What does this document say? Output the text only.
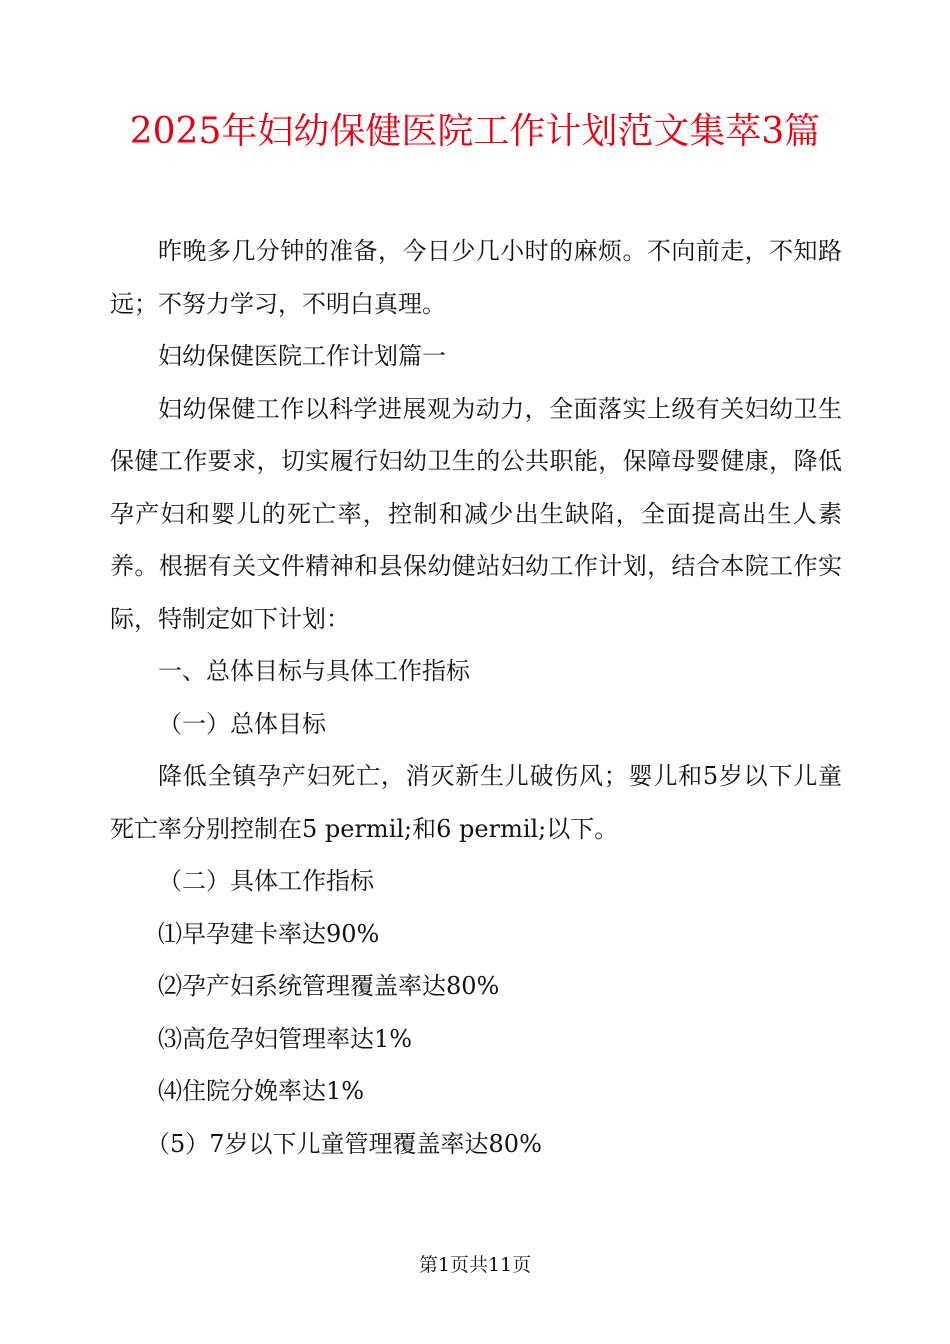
2025年妇幼保健医院工作计划范文集萃3篇

昨晚多几分钟的准备，今日少几小时的麻烦。不向前走，不知路远；不努力学习，不明白真理。

妇幼保健医院工作计划篇一

妇幼保健工作以科学进展观为动力，全面落实上级有关妇幼卫生保健工作要求，切实履行妇幼卫生的公共职能，保障母婴健康，降低孕产妇和婴儿的死亡率，控制和减少出生缺陷，全面提高出生人素养。根据有关文件精神和县保幼健站妇幼工作计划，结合本院工作实际，特制定如下计划：

一、总体目标与具体工作指标

（一）总体目标

降低全镇孕产妇死亡，消灭新生儿破伤风；婴儿和5岁以下儿童死亡率分别控制在5 permil;和6 permil;以下。

（二）具体工作指标

⑴早孕建卡率达90%

⑵孕产妇系统管理覆盖率达80%

⑶高危孕妇管理率达1%

⑷住院分娩率达1%

（5）7岁以下儿童管理覆盖率达80%

第1页共11页
